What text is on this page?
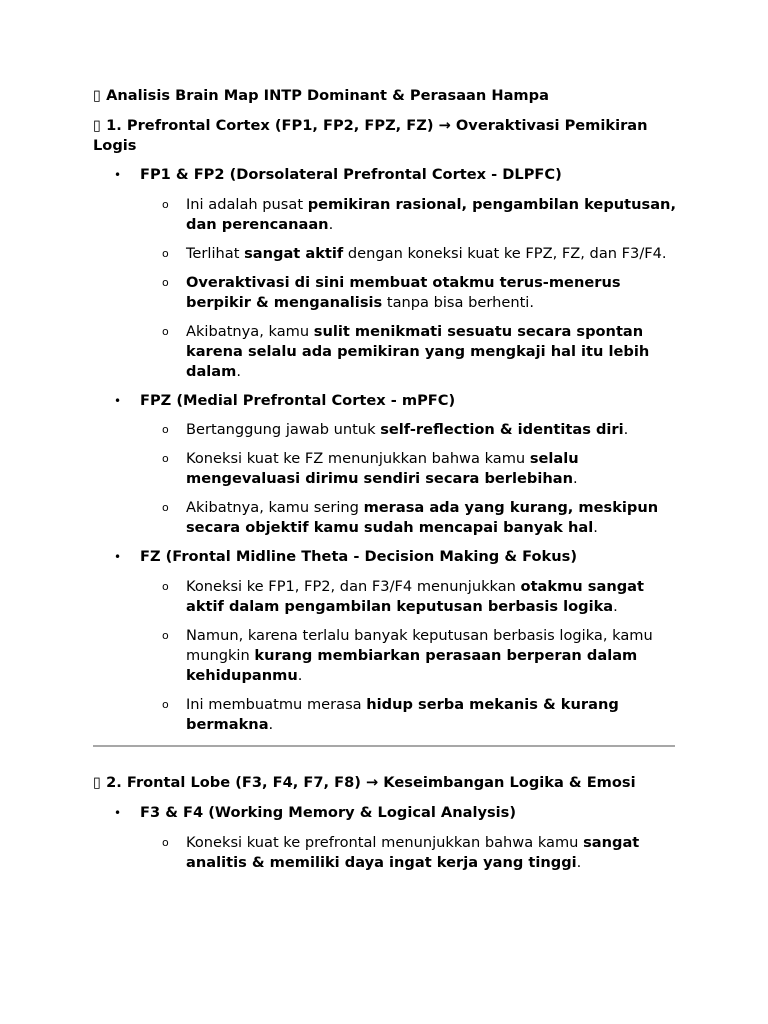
▯ Analisis Brain Map INTP Dominant & Perasaan Hampa

▯ 1. Prefrontal Cortex (FP1, FP2, FPZ, FZ) → Overaktivasi Pemikiran Logis

• FP1 & FP2 (Dorsolateral Prefrontal Cortex - DLPFC)
o Ini adalah pusat pemikiran rasional, pengambilan keputusan, dan perencanaan.
o Terlihat sangat aktif dengan koneksi kuat ke FPZ, FZ, dan F3/F4.
o Overaktivasi di sini membuat otakmu terus-menerus berpikir & menganalisis tanpa bisa berhenti.
o Akibatnya, kamu sulit menikmati sesuatu secara spontan karena selalu ada pemikiran yang mengkaji hal itu lebih dalam.
• FPZ (Medial Prefrontal Cortex - mPFC)
o Bertanggung jawab untuk self-reflection & identitas diri.
o Koneksi kuat ke FZ menunjukkan bahwa kamu selalu mengevaluasi dirimu sendiri secara berlebihan.
o Akibatnya, kamu sering merasa ada yang kurang, meskipun secara objektif kamu sudah mencapai banyak hal.
• FZ (Frontal Midline Theta - Decision Making & Fokus)
o Koneksi ke FP1, FP2, dan F3/F4 menunjukkan otakmu sangat aktif dalam pengambilan keputusan berbasis logika.
o Namun, karena terlalu banyak keputusan berbasis logika, kamu mungkin kurang membiarkan perasaan berperan dalam kehidupanmu.
o Ini membuatmu merasa hidup serba mekanis & kurang bermakna.

▯ 2. Frontal Lobe (F3, F4, F7, F8) → Keseimbangan Logika & Emosi

• F3 & F4 (Working Memory & Logical Analysis)
o Koneksi kuat ke prefrontal menunjukkan bahwa kamu sangat analitis & memiliki daya ingat kerja yang tinggi.
